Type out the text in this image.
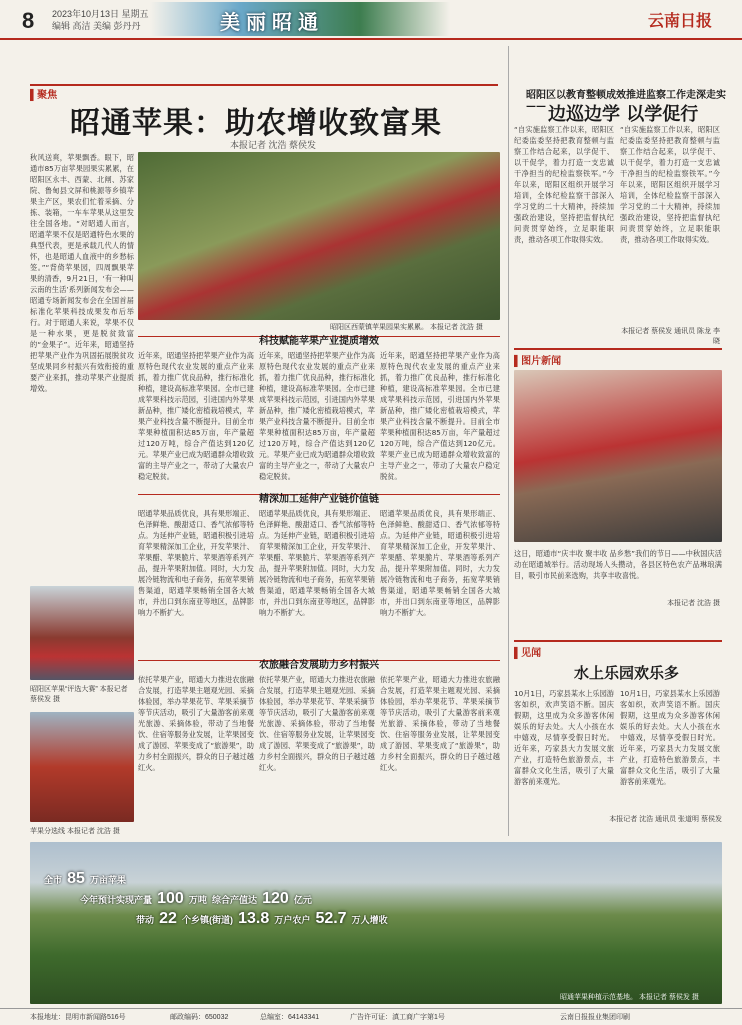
8 2023年10月13日 星期五
编辑 高洁 美编 彭丹丹	美丽昭通	云南日报
▌聚焦
昭通苹果：助农增收致富果
本报记者 沈浩 蔡侯发
秋风送爽，苹果飘香。眼下，昭通市85万亩苹果园果实累累，在昭阳区永丰、西蒙、北闸、苏家院、鲁甸县文屏和桃源等乡镇苹果主产区，果农们忙着采摘、分拣、装箱，一车车苹果从这里发往全国各地。“对昭通人而言，昭通苹果不仅是昭通特色水果的典型代表，更是承载几代人的情怀，也是昭通人血液中的乡愁标签。”“背倚苹果园，四周飘果苹果的清香，9月21日，‘有一种叫云南的生活’系列新闻发布会——昭通专场新闻发布会在全国首届标准化苹果科技成果发布后举行。对于昭通人来说，苹果不仅是一种水果，更是脱贫致富的“金果子”。近年来，昭通坚持把苹果产业作为巩固拓展脱贫攻坚成果同乡村振兴有效衔接的重要产业来抓，推动苹果产业提质增效。
昭阳区西蒙镇苹果园果实累累。 本报记者 沈浩 摄
科技赋能苹果产业提质增效
近年来，昭通坚持把苹果产业作为高原特色现代农业发展的重点产业来抓，着力推广优良品种，推行标准化种植，建设高标准苹果园。全市已建成苹果科技示范园，引进国内外苹果新品种，推广矮化密植栽培模式，苹果产业科技含量不断提升。目前全市苹果种植面积达85万亩，年产量超过120万吨，综合产值达到120亿元。苹果产业已成为昭通群众增收致富的主导产业之一，带动了大量农户稳定脱贫。
近年来，昭通坚持把苹果产业作为高原特色现代农业发展的重点产业来抓，着力推广优良品种，推行标准化种植，建设高标准苹果园。全市已建成苹果科技示范园，引进国内外苹果新品种，推广矮化密植栽培模式，苹果产业科技含量不断提升。目前全市苹果种植面积达85万亩，年产量超过120万吨，综合产值达到120亿元。苹果产业已成为昭通群众增收致富的主导产业之一，带动了大量农户稳定脱贫。
近年来，昭通坚持把苹果产业作为高原特色现代农业发展的重点产业来抓，着力推广优良品种，推行标准化种植，建设高标准苹果园。全市已建成苹果科技示范园，引进国内外苹果新品种，推广矮化密植栽培模式，苹果产业科技含量不断提升。目前全市苹果种植面积达85万亩，年产量超过120万吨，综合产值达到120亿元。苹果产业已成为昭通群众增收致富的主导产业之一，带动了大量农户稳定脱贫。
精深加工延伸产业链价值链
昭通苹果品质优良，具有果形端正、色泽鲜艳、酸甜适口、香气浓郁等特点。为延伸产业链，昭通积极引进培育苹果精深加工企业，开发苹果汁、苹果醋、苹果脆片、苹果酒等系列产品，提升苹果附加值。同时，大力发展冷链物流和电子商务，拓宽苹果销售渠道，昭通苹果畅销全国各大城市，并出口到东南亚等地区，品牌影响力不断扩大。
昭通苹果品质优良，具有果形端正、色泽鲜艳、酸甜适口、香气浓郁等特点。为延伸产业链，昭通积极引进培育苹果精深加工企业，开发苹果汁、苹果醋、苹果脆片、苹果酒等系列产品，提升苹果附加值。同时，大力发展冷链物流和电子商务，拓宽苹果销售渠道，昭通苹果畅销全国各大城市，并出口到东南亚等地区，品牌影响力不断扩大。
昭通苹果品质优良，具有果形端正、色泽鲜艳、酸甜适口、香气浓郁等特点。为延伸产业链，昭通积极引进培育苹果精深加工企业，开发苹果汁、苹果醋、苹果脆片、苹果酒等系列产品，提升苹果附加值。同时，大力发展冷链物流和电子商务，拓宽苹果销售渠道，昭通苹果畅销全国各大城市，并出口到东南亚等地区，品牌影响力不断扩大。
昭阳区苹果“评选大赛” 本报记者 蔡侯发 摄
苹果分选线 本报记者 沈浩 摄
农旅融合发展助力乡村振兴
依托苹果产业，昭通大力推进农旅融合发展，打造苹果主题观光园、采摘体验园，举办苹果花节、苹果采摘节等节庆活动，吸引了大量游客前来观光旅游、采摘体验，带动了当地餐饮、住宿等服务业发展，让苹果园变成了游园、苹果变成了“旅游果”，助力乡村全面振兴，群众的日子越过越红火。
依托苹果产业，昭通大力推进农旅融合发展，打造苹果主题观光园、采摘体验园，举办苹果花节、苹果采摘节等节庆活动，吸引了大量游客前来观光旅游、采摘体验，带动了当地餐饮、住宿等服务业发展，让苹果园变成了游园、苹果变成了“旅游果”，助力乡村全面振兴，群众的日子越过越红火。
依托苹果产业，昭通大力推进农旅融合发展，打造苹果主题观光园、采摘体验园，举办苹果花节、苹果采摘节等节庆活动，吸引了大量游客前来观光旅游、采摘体验，带动了当地餐饮、住宿等服务业发展，让苹果园变成了游园、苹果变成了“旅游果”，助力乡村全面振兴，群众的日子越过越红火。
全市 85 万亩苹果
今年预计实现产量 100 万吨 综合产值达 120 亿元
带动 22 个乡镇(街道) 13.8 万户农户 52.7 万人增收
昭通苹果种植示范基地。 本报记者 蔡侯发 摄
昭阳区以教育整顿成效推进监察工作走深走实—— 边巡边学 以学促行
“自实施监察工作以来，昭阳区纪委监委坚持把教育整顿与监察工作结合起来，以学促干、以干促学，着力打造一支忠诚干净担当的纪检监察铁军。”今年以来，昭阳区组织开展学习培训，全体纪检监察干部深入学习党的二十大精神，持续加强政治建设，坚持把监督执纪问责贯穿始终，立足职能职责，推动各项工作取得实效。
“自实施监察工作以来，昭阳区纪委监委坚持把教育整顿与监察工作结合起来，以学促干、以干促学，着力打造一支忠诚干净担当的纪检监察铁军。”今年以来，昭阳区组织开展学习培训，全体纪检监察干部深入学习党的二十大精神，持续加强政治建设，坚持把监督执纪问责贯穿始终，立足职能职责，推动各项工作取得实效。
本报记者 蔡侯发 通讯员 陈龙 李晓
▌图片新闻
这日，昭通市“庆丰收 聚丰收 品乡愁”我们的节日——中秋国庆活动在昭通城举行。活动现场人头攒动，各县区特色农产品琳琅满目，吸引市民前来选购，共享丰收喜悦。
本报记者 沈浩 摄
▌见闻
水上乐园欢乐多
10月1日，巧家县某水上乐园游客如织，欢声笑语不断。国庆假期，这里成为众多游客休闲娱乐的好去处。大人小孩在水中嬉戏，尽情享受假日时光。近年来，巧家县大力发展文旅产业，打造特色旅游景点，丰富群众文化生活，吸引了大量游客前来观光。
10月1日，巧家县某水上乐园游客如织，欢声笑语不断。国庆假期，这里成为众多游客休闲娱乐的好去处。大人小孩在水中嬉戏，尽情享受假日时光。近年来，巧家县大力发展文旅产业，打造特色旅游景点，丰富群众文化生活，吸引了大量游客前来观光。
本报记者 沈浩 通讯员 张道明 蔡侯发
本报地址：昆明市新闻路516号	邮政编码：650032	总编室：64143341	广告许可证：滇工商广字第1号	云南日报报业集团印刷
